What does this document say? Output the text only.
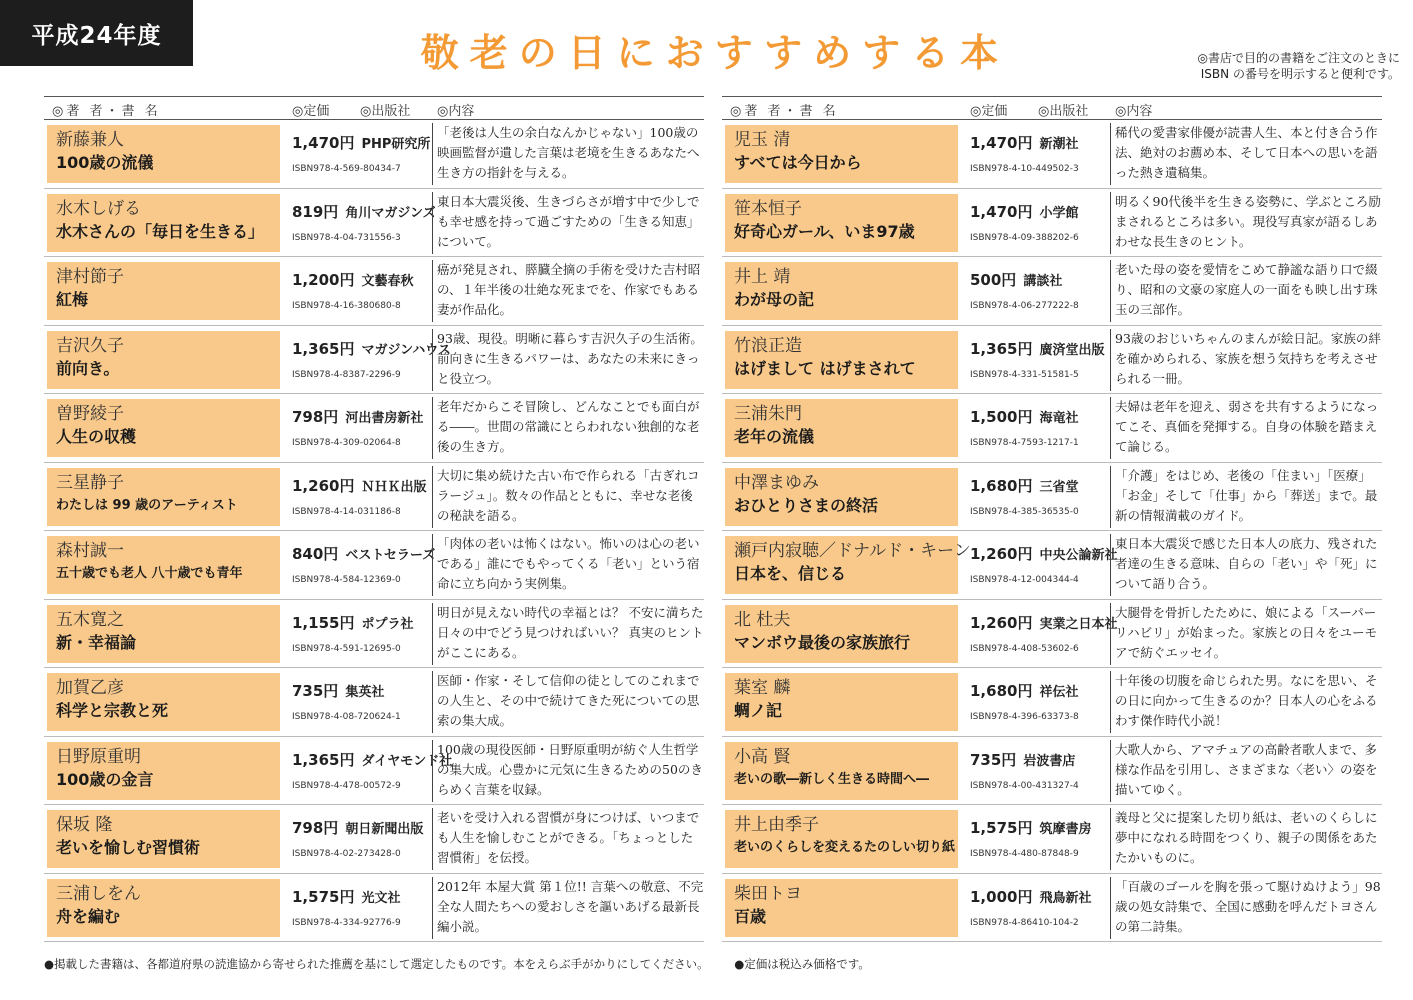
平成24年度	敬老の日におすすめする本	◎書店で目的の書籍をご注文のときに
ISBN の番号を明示すると便利です。
◎著 者・書 名	◎定価 ◎出版社 ◎内容
新藤兼人
100歳の流儀
1,470円 PHP研究所
ISBN978-4-569-80434-7
「老後は人生の余白なんかじゃない」100歳の映画監督が遺した言葉は老境を生きるあなたへ生き方の指針を与える。
水木しげる
水木さんの「毎日を生きる」
819円 角川マガジンズ
ISBN978-4-04-731556-3
東日本大震災後、生きづらさが増す中で少しでも幸せ感を持って過ごすための「生きる知恵」について。
津村節子
紅梅
1,200円 文藝春秋
ISBN978-4-16-380680-8
癌が発見され、膵臓全摘の手術を受けた吉村昭の、１年半後の壮絶な死までを、作家でもある妻が作品化。
吉沢久子
前向き。
1,365円 マガジンハウス
ISBN978-4-8387-2296-9
93歳、現役。明晰に暮らす吉沢久子の生活術。前向きに生きるパワーは、あなたの未来にきっと役立つ。
曽野綾子
人生の収穫
798円 河出書房新社
ISBN978-4-309-02064-8
老年だからこそ冒険し、どんなことでも面白がる――。世間の常識にとらわれない独創的な老後の生き方。
三星静子
わたしは 99 歳のアーティスト
1,260円 ＮＨＫ出版
ISBN978-4-14-031186-8
大切に集め続けた古い布で作られる「古ぎれコラージュ」。数々の作品とともに、幸せな老後の秘訣を語る。
森村誠一
五十歳でも老人 八十歳でも青年
840円 ベストセラーズ
ISBN978-4-584-12369-0
「肉体の老いは怖くはない。怖いのは心の老いである」誰にでもやってくる「老い」という宿命に立ち向かう実例集。
五木寛之
新・幸福論
1,155円 ポプラ社
ISBN978-4-591-12695-0
明日が見えない時代の幸福とは？ 不安に満ちた日々の中でどう見つければいい？ 真実のヒントがここにある。
加賀乙彦
科学と宗教と死
735円 集英社
ISBN978-4-08-720624-1
医師・作家・そして信仰の徒としてのこれまでの人生と、その中で続けてきた死についての思索の集大成。
日野原重明
100歳の金言
1,365円 ダイヤモンド社
ISBN978-4-478-00572-9
100歳の現役医師・日野原重明が紡ぐ人生哲学の集大成。心豊かに元気に生きるための50のきらめく言葉を収録。
保坂 隆
老いを愉しむ習慣術
798円 朝日新聞出版
ISBN978-4-02-273428-0
老いを受け入れる習慣が身につけば、いつまでも人生を愉しむことができる。「ちょっとした習慣術」を伝授。
三浦しをん
舟を編む
1,575円 光文社
ISBN978-4-334-92776-9
2012年 本屋大賞 第１位!! 言葉への敬意、不完全な人間たちへの愛おしさを謳いあげる最新長編小説。
◎著 者・書 名	◎定価 ◎出版社 ◎内容
児玉 清
すべては今日から
1,470円 新潮社
ISBN978-4-10-449502-3
稀代の愛書家俳優が読書人生、本と付き合う作法、絶対のお薦め本、そして日本への思いを語った熱き遺稿集。
笹本恒子
好奇心ガール、いま97歳
1,470円 小学館
ISBN978-4-09-388202-6
明るく90代後半を生きる姿勢に、学ぶところ励まされるところは多い。現役写真家が語るしあわせな長生きのヒント。
井上 靖
わが母の記
500円 講談社
ISBN978-4-06-277222-8
老いた母の姿を愛情をこめて静謐な語り口で綴り、昭和の文豪の家庭人の一面をも映し出す珠玉の三部作。
竹浪正造
はげまして はげまされて
1,365円 廣済堂出版
ISBN978-4-331-51581-5
93歳のおじいちゃんのまんが絵日記。家族の絆を確かめられる、家族を想う気持ちを考えさせられる一冊。
三浦朱門
老年の流儀
1,500円 海竜社
ISBN978-4-7593-1217-1
夫婦は老年を迎え、弱さを共有するようになってこそ、真価を発揮する。自身の体験を踏まえて論じる。
中澤まゆみ
おひとりさまの終活
1,680円 三省堂
ISBN978-4-385-36535-0
「介護」をはじめ、老後の「住まい」「医療」「お金」そして「仕事」から「葬送」まで。最新の情報満載のガイド。
瀬戸内寂聴／ドナルド・キーン
日本を、信じる
1,260円 中央公論新社
ISBN978-4-12-004344-4
東日本大震災で感じた日本人の底力、残された者達の生きる意味、自らの「老い」や「死」について語り合う。
北 杜夫
マンボウ最後の家族旅行
1,260円 実業之日本社
ISBN978-4-408-53602-6
大腿骨を骨折したために、娘による「スーパーリハビリ」が始まった。家族との日々をユーモアで紡ぐエッセイ。
葉室 麟
蜩ノ記
1,680円 祥伝社
ISBN978-4-396-63373-8
十年後の切腹を命じられた男。なにを思い、その日に向かって生きるのか？日本人の心をふるわす傑作時代小説！
小高 賢
老いの歌―新しく生きる時間へ―
735円 岩波書店
ISBN978-4-00-431327-4
大歌人から、アマチュアの高齢者歌人まで、多様な作品を引用し、さまざまな〈老い〉の姿を描いてゆく。
井上由季子
老いのくらしを変えるたのしい切り紙
1,575円 筑摩書房
ISBN978-4-480-87848-9
義母と父に提案した切り紙は、老いのくらしに夢中になれる時間をつくり、親子の関係をあたたかいものに。
柴田トヨ
百歳
1,000円 飛鳥新社
ISBN978-4-86410-104-2
「百歳のゴールを胸を張って駆けぬけよう」98歳の処女詩集で、全国に感動を呼んだトヨさんの第二詩集。
●掲載した書籍は、各都道府県の読進協から寄せられた推薦を基にして選定したものです。本をえらぶ手がかりにしてください。 ●定価は税込み価格です。
